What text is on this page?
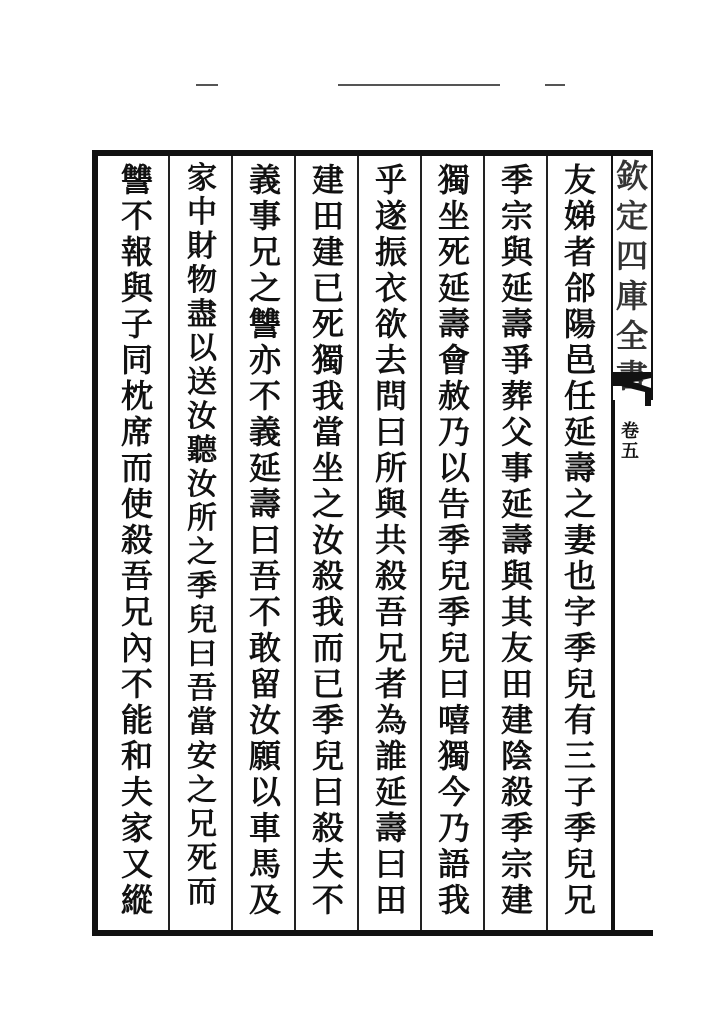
友
娣
者
郃
陽
邑
任
延
壽
之
妻
也
字
季
兒
有
三
子
季
兒
兄
季
宗
與
延
壽
爭
葬
父
事
延
壽
與
其
友
田
建
陰
殺
季
宗
建
獨
坐
死
延
壽
會
赦
乃
以
告
季
兒
季
兒
曰
嘻
獨
今
乃
語
我
乎
遂
振
衣
欲
去
問
曰
所
與
共
殺
吾
兄
者
為
誰
延
壽
曰
田
建
田
建
已
死
獨
我
當
坐
之
汝
殺
我
而
已
季
兒
曰
殺
夫
不
義
事
兄
之
讐
亦
不
義
延
壽
曰
吾
不
敢
留
汝
願
以
車
馬
及
家
中
財
物
盡
以
送
汝
聽
汝
所
之
季
兒
曰
吾
當
安
之
兄
死
而
讐
不
報
與
子
同
枕
席
而
使
殺
吾
兄
內
不
能
和
夫
家
又
縱
欽
定
四
庫
全
卷
五
